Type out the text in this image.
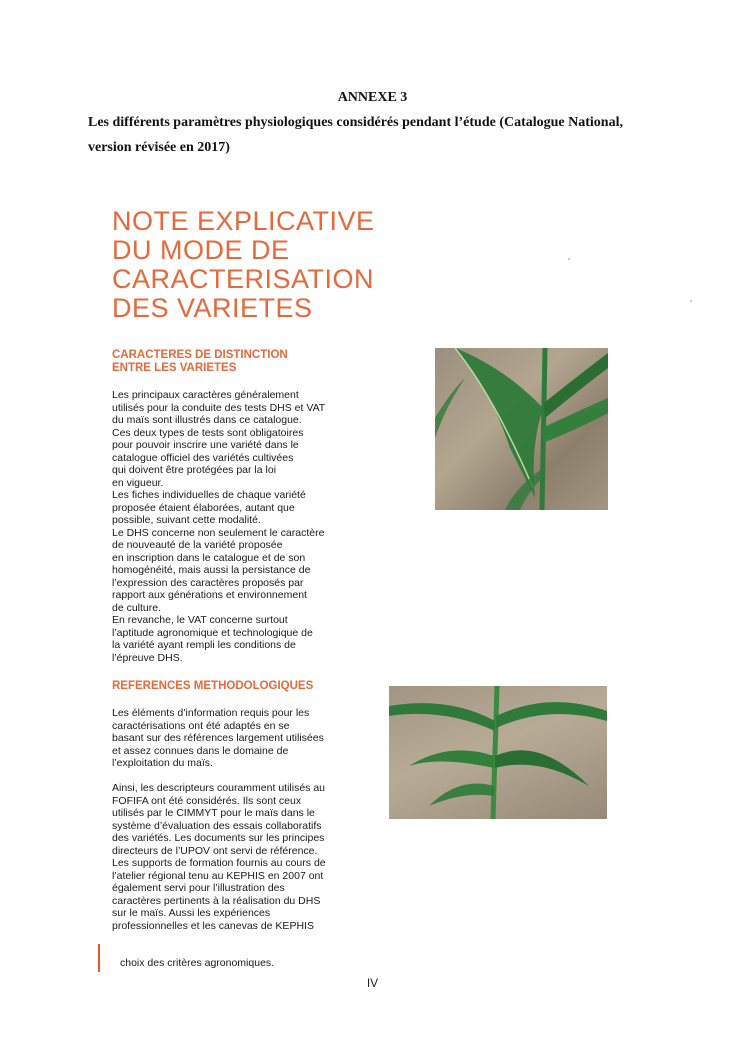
ANNEXE 3
Les différents paramètres physiologiques considérés pendant l’étude (Catalogue National,
version révisée en 2017)
NOTE EXPLICATIVE
DU MODE DE
CARACTERISATION
DES VARIETES
CARACTERES DE DISTINCTION
ENTRE LES VARIETES

Les principaux caractères généralement

utilisés pour la conduite des tests DHS et VAT

du maïs sont illustrés dans ce catalogue.

Ces deux types de tests sont obligatoires

pour pouvoir inscrire une variété dans le

catalogue officiel des variétés cultivées

qui doivent être protégées par la loi

en vigueur.

Les fiches individuelles de chaque variété

proposée étaient élaborées, autant que

possible, suivant cette modalité.

Le DHS concerne non seulement le caractère

de nouveauté de la variété proposée

en inscription dans le catalogue et de son

homogénéité, mais aussi la persistance de

l’expression des caractères proposés par

rapport aux générations et environnement

de culture.

En revanche, le VAT concerne surtout

l’aptitude agronomique et technologique de

la variété ayant rempli les conditions de

l’épreuve DHS.

REFERENCES METHODOLOGIQUES

Les éléments d’information requis pour les

caractérisations ont été adaptés en se

basant sur des références largement utilisées

et assez connues dans le domaine de

l’exploitation du maïs.

Ainsi, les descripteurs couramment utilisés au

FOFIFA ont été considérés. Ils sont ceux

utilisés par le CIMMYT pour le maïs dans le

système d’évaluation des essais collaboratifs

des variétés. Les documents sur les principes

directeurs de l’UPOV ont servi de référence.

Les supports de formation fournis au cours de

l’atelier régional tenu au KEPHIS en 2007 ont

également servi pour l’illustration des

caractères pertinents à la réalisation du DHS

sur le maïs. Aussi les expériences

professionnelles et les canevas de KEPHIS

choix des critères agronomiques.

IV
